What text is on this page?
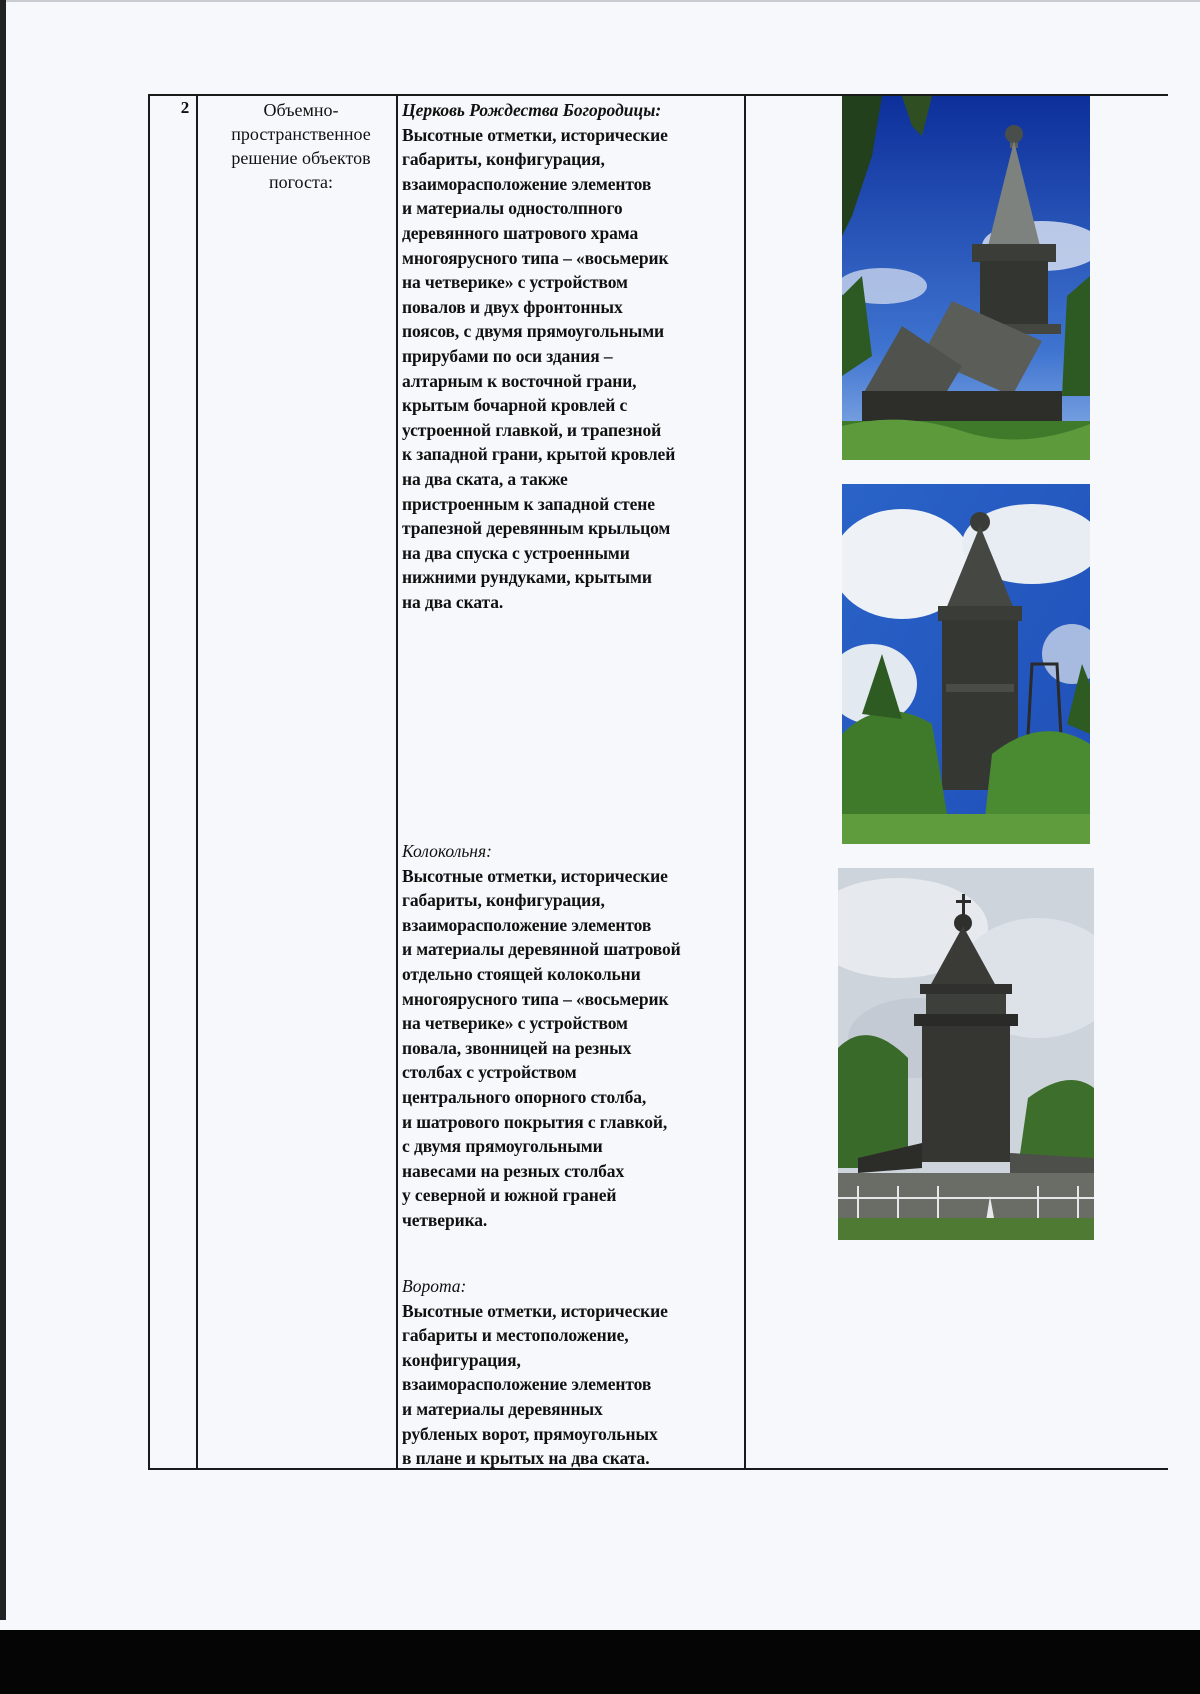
2	Объемно-
пространственное
решение объектов
погоста:
Церковь Рождества Богородицы:
Высотные отметки, исторические
габариты, конфигурация,
взаиморасположение элементов
и материалы одностолпного
деревянного шатрового храма
многоярусного типа – «восьмерик
на четверике» с устройством
повалов и двух фронтонных
поясов, с двумя прямоугольными
прирубами по оси здания –
алтарным к восточной грани,
крытым бочарной кровлей с
устроенной главкой, и трапезной
к западной грани, крытой кровлей
на два ската, а также
пристроенным к западной стене
трапезной деревянным крыльцом
на два спуска с устроенными
нижними рундуками, крытыми
на два ската.
Колокольня:
Высотные отметки, исторические
габариты, конфигурация,
взаиморасположение элементов
и материалы деревянной шатровой
отдельно стоящей колокольни
многоярусного типа – «восьмерик
на четверике» с устройством
повала, звонницей на резных
столбах с устройством
центрального опорного столба,
и шатрового покрытия с главкой,
с двумя прямоугольными
навесами на резных столбах
у северной и южной граней
четверика.
Ворота:
Высотные отметки, исторические
габариты и местоположение,
конфигурация,
взаиморасположение элементов
и материалы деревянных
рубленых ворот, прямоугольных
в плане и крытых на два ската.
